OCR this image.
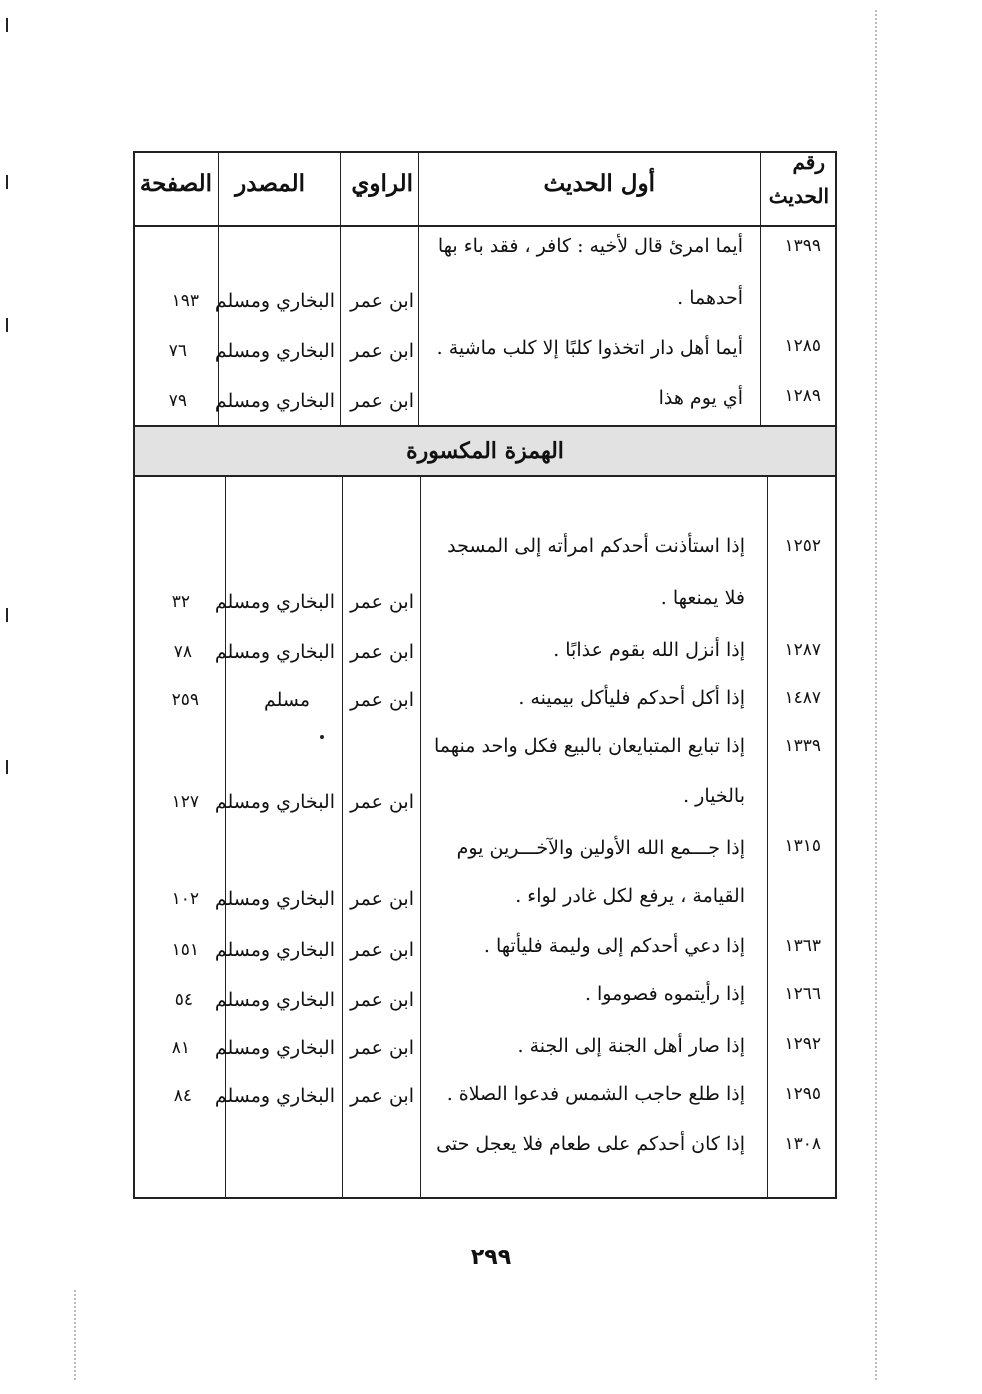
رقم
الحديث
أول الحديث
الراوي
المصدر
الصفحة
١٣٩٩
أيما امرئ قال لأخيه : كافر ، فقد باء بها
أحدهما .
ابن عمر
البخاري ومسلم
١٩٣
١٢٨٥
أيما أهل دار اتخذوا كلبًا إلا كلب ماشية .
ابن عمر
البخاري ومسلم
٧٦
١٢٨٩
أي يوم هذا
ابن عمر
البخاري ومسلم
٧٩
الهمزة المكسورة
١٢٥٢
إذا استأذنت أحدكم امرأته إلى المسجد
فلا يمنعها .
ابن عمر
البخاري ومسلم
٣٢
١٢٨٧
إذا أنزل الله بقوم عذابًا .
ابن عمر
البخاري ومسلم
٧٨
١٤٨٧
إذا أكل أحدكم فليأكل بيمينه .
ابن عمر
مسلم
٢٥٩
١٣٣٩
إذا تبايع المتبايعان بالبيع فكل واحد منهما
بالخيار .
ابن عمر
البخاري ومسلم
١٢٧
١٣١٥
إذا جـــمع الله الأولين والآخـــرين يوم
القيامة ، يرفع لكل غادر لواء .
ابن عمر
البخاري ومسلم
١٠٢
١٣٦٣
إذا دعي أحدكم إلى وليمة فليأتها .
ابن عمر
البخاري ومسلم
١٥١
١٢٦٦
إذا رأيتموه فصوموا .
ابن عمر
البخاري ومسلم
٥٤
١٢٩٢
إذا صار أهل الجنة إلى الجنة .
ابن عمر
البخاري ومسلم
٨١
١٢٩٥
إذا طلع حاجب الشمس فدعوا الصلاة .
ابن عمر
البخاري ومسلم
٨٤
١٣٠٨
إذا كان أحدكم على طعام فلا يعجل حتى
٢٩٩
